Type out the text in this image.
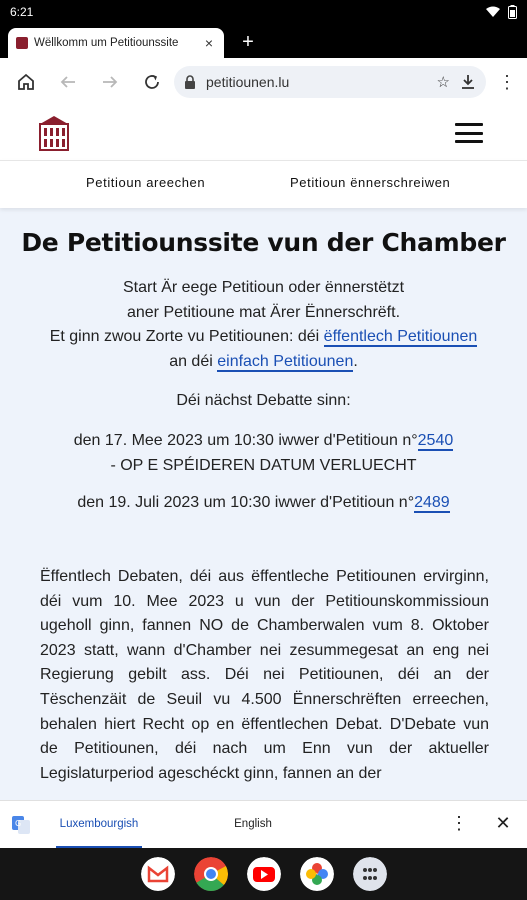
6:21
Wëllkomm um Petitiounssite	× +
petitiounen.lu	☆	⋮
Petitioun areechen	Petitioun ënnerschreiwen
De Petitiounssite vun der Chamber
Start Är eege Petitioun oder ënnerstëtzt
aner Petitioune mat Ärer Ënnerschrëft.
Et ginn zwou Zorte vu Petitiounen: déi ëffentlech Petitiounen an déi einfach Petitiounen.
Déi nächst Debatte sinn:
den 17. Mee 2023 um 10:30 iwwer d'Petitioun n°2540
- OP E SPÉIDEREN DATUM VERLUECHT
den 19. Juli 2023 um 10:30 iwwer d'Petitioun n°2489
Ëffentlech Debaten, déi aus ëffentleche Petitiounen ervirginn, déi vum 10. Mee 2023 u vun der Petitiounskommissioun ugeholl ginn, fannen NO de Chamberwalen vum 8. Oktober 2023 statt, wann d'Chamber nei zesummegesat an eng nei Regierung gebilt ass. Déi nei Petitiounen, déi an der Tëschenzäit de Seuil vu 4.500 Ënnerschrëften erreechen, behalen hiert Recht op en ëffentlechen Debat. D'Debate vun de Petitiounen, déi nach um Enn vun der aktueller Legislaturperiod ageschéckt ginn, fannen an der
G	Luxembourgish	English	⋮ ✕
